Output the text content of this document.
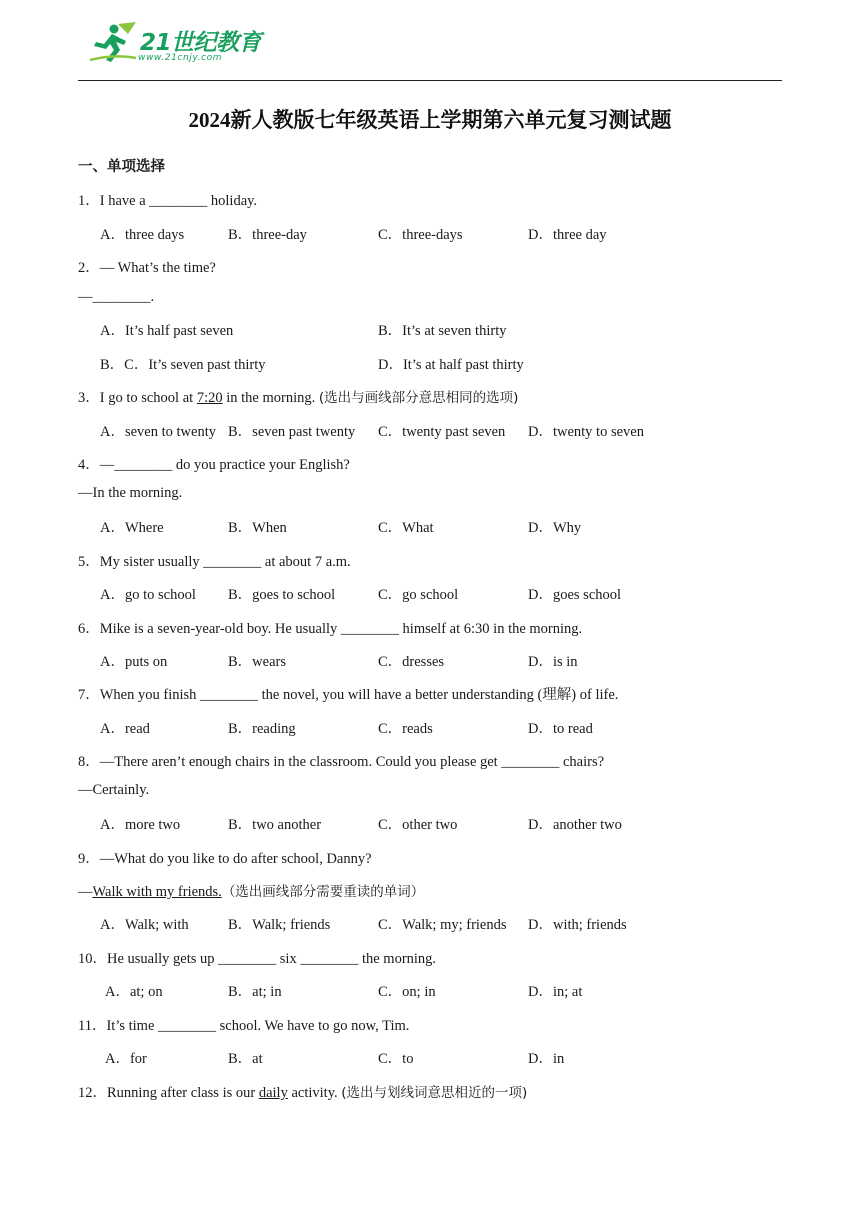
21世纪教育
www.21cnjy.com
2024新人教版七年级英语上学期第六单元复习测试题
一、单项选择
1．I have a ________ holiday.
A．three days	B．three-day	C．three-days	D．three day
2．— What’s the time?
—________.
A．It’s half past seven	B．It’s at seven thirty
B．C．It’s seven past thirty	D．It’s at half past thirty
3．I go to school at 7:20 in the morning. (选出与画线部分意思相同的选项)
A．seven to twenty B．seven past twenty C．twenty past seven D．twenty to seven
4．—________ do you practice your English?
—In the morning.
A．Where	B．When	C．What	D．Why
5．My sister usually ________ at about 7 a.m.
A．go to school B．goes to school	C．go school	D．goes school
6．Mike is a seven-year-old boy. He usually ________ himself at 6:30 in the morning.
A．puts on	B．wears	C．dresses	D．is in
7．When you finish ________ the novel, you will have a better understanding (理解) of life.
A．read	B．reading	C．reads	D．to read
8．—There aren’t enough chairs in the classroom. Could you please get ________ chairs?
—Certainly.
A．more two	B．two another	C．other two	D．another two
9．—What do you like to do after school, Danny?
—Walk with my friends.（选出画线部分需要重读的单词）
A．Walk; with	B．Walk; friends	C．Walk; my; friends D．with; friends
10．He usually gets up ________ six ________ the morning.
A．at; on	B．at; in	C．on; in	D．in; at
11．It’s time ________ school. We have to go now, Tim.
A．for	B．at	C．to	D．in
12．Running after class is our daily activity. (选出与划线词意思相近的一项)
